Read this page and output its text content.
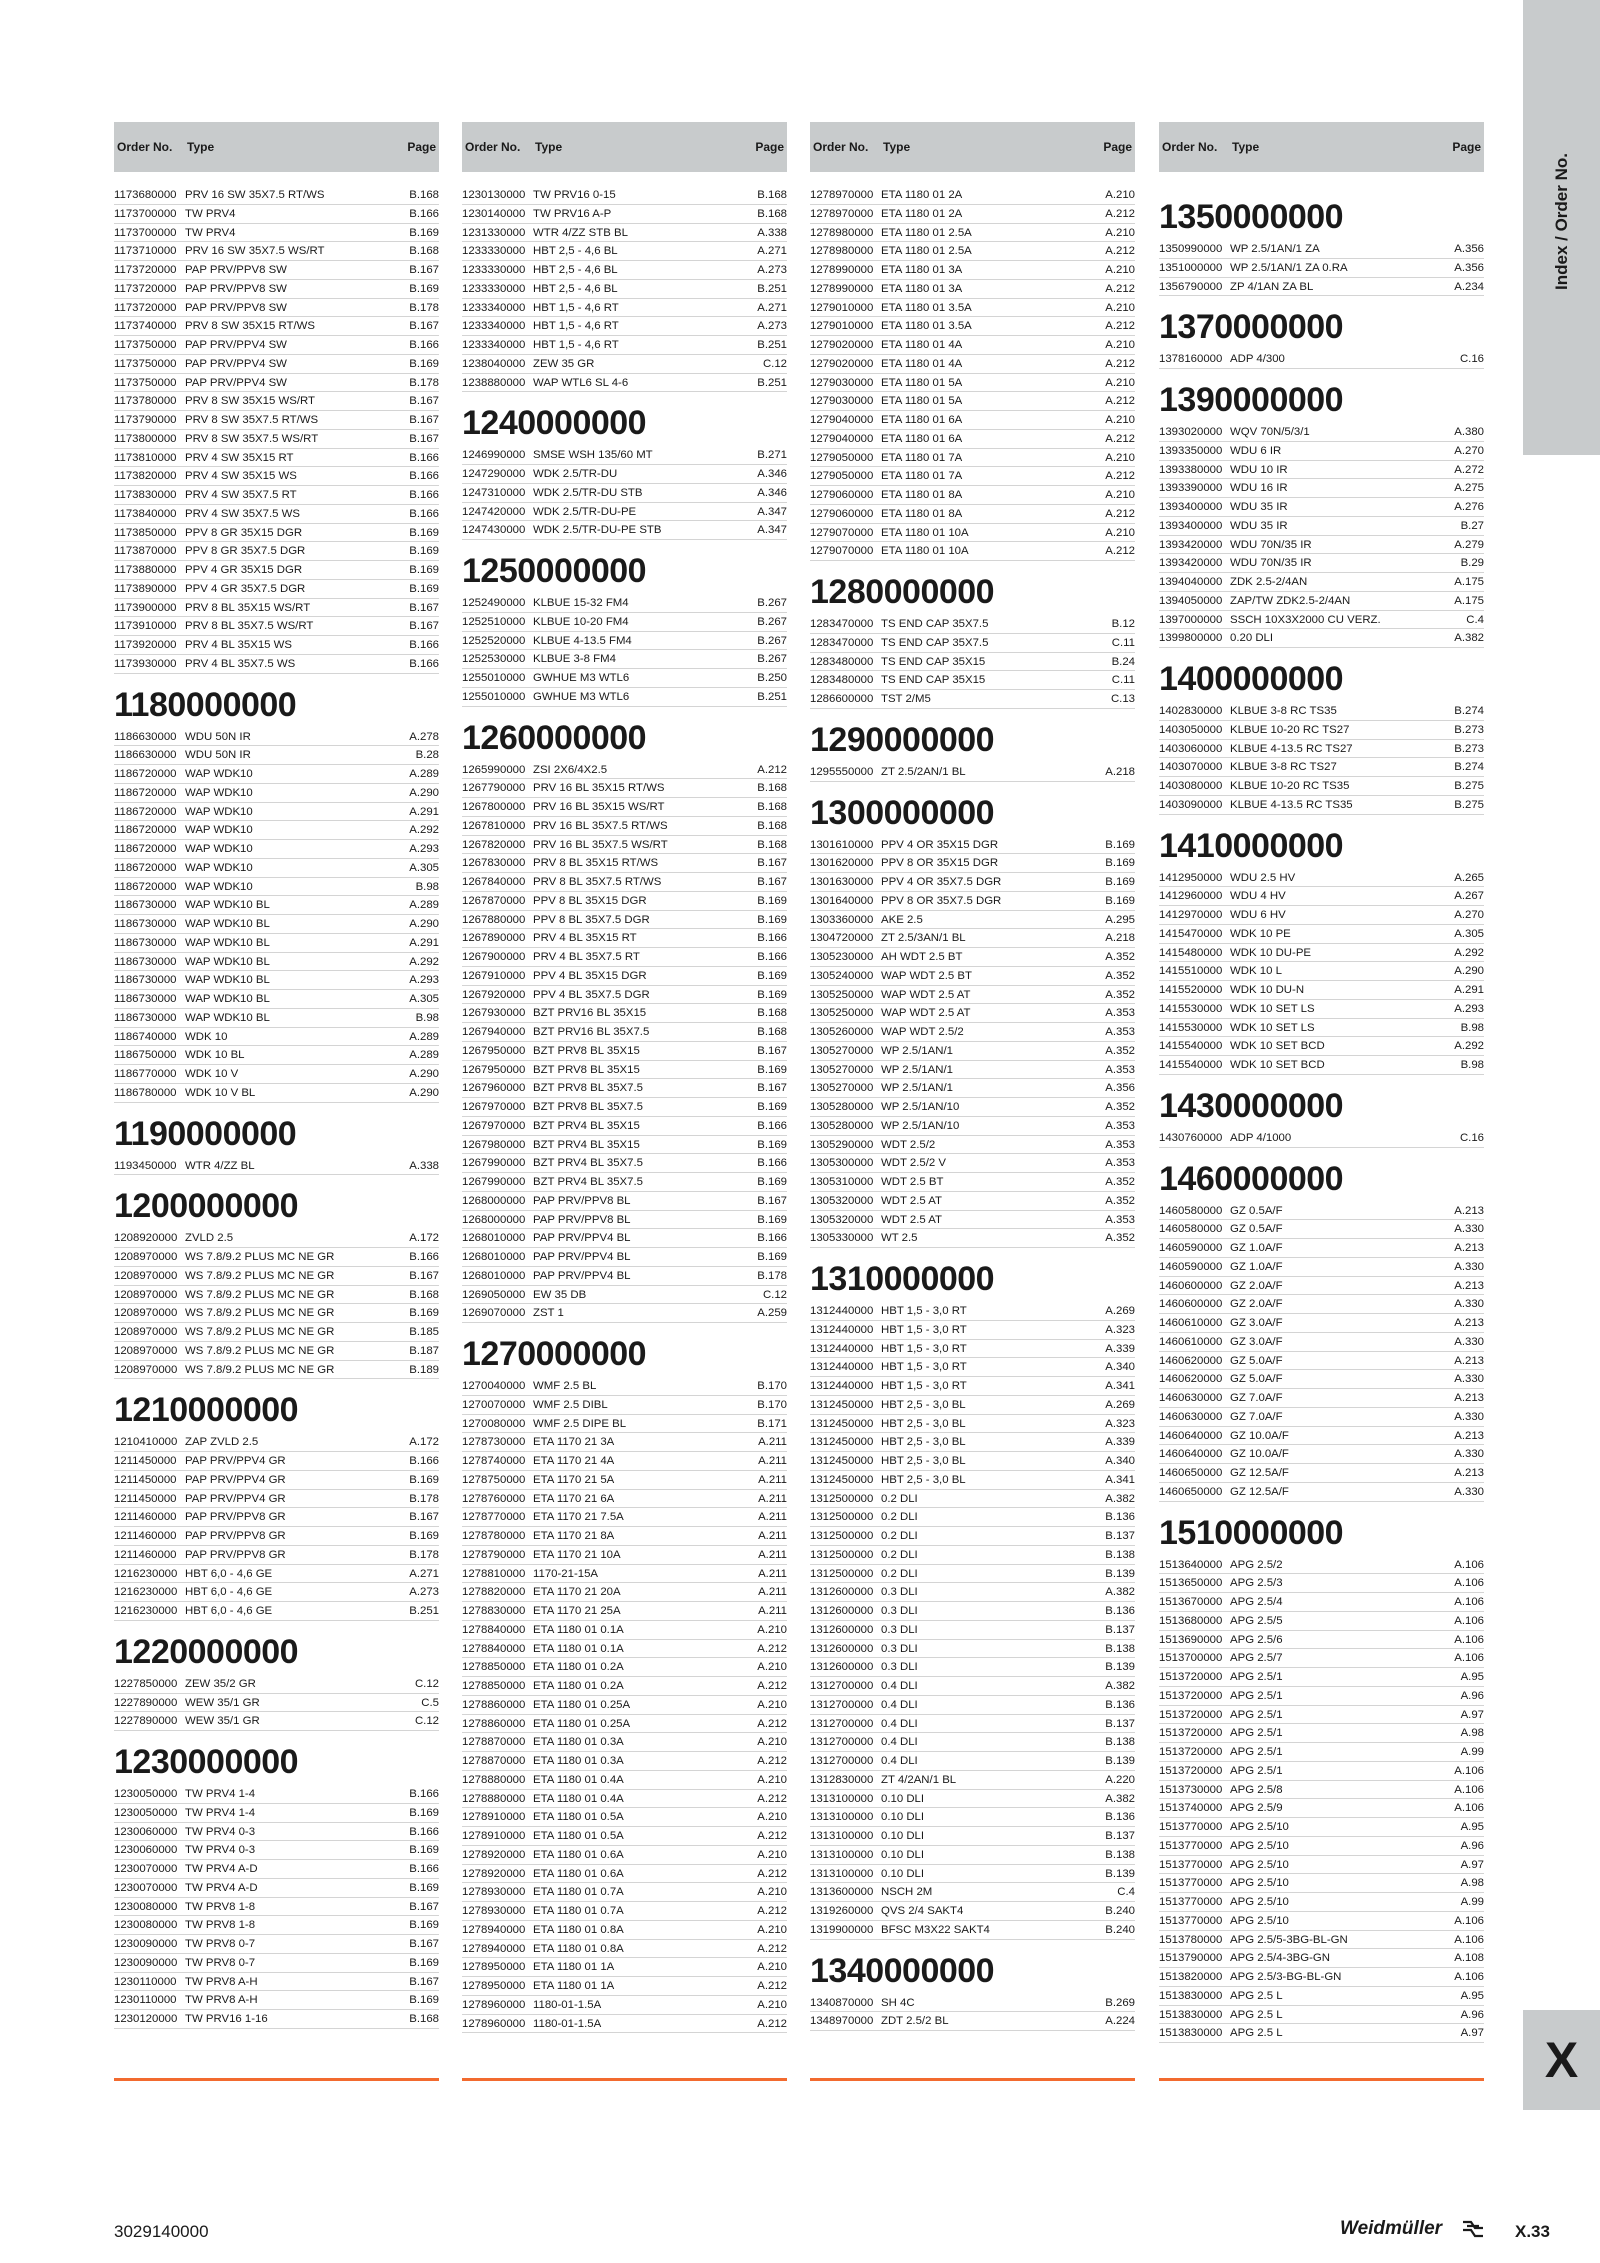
Index / Order No.
X
Order No.	Type	Page
1173680000 PRV 16 SW 35X7.5 RT/WS	B.168
1173700000 TW PRV4	B.166
1173700000 TW PRV4	B.169
1173710000 PRV 16 SW 35X7.5 WS/RT	B.168
1173720000 PAP PRV/PPV8 SW	B.167
1173720000 PAP PRV/PPV8 SW	B.169
1173720000 PAP PRV/PPV8 SW	B.178
1173740000 PRV 8 SW 35X15 RT/WS	B.167
1173750000 PAP PRV/PPV4 SW	B.166
1173750000 PAP PRV/PPV4 SW	B.169
1173750000 PAP PRV/PPV4 SW	B.178
1173780000 PRV 8 SW 35X15 WS/RT	B.167
1173790000 PRV 8 SW 35X7.5 RT/WS	B.167
1173800000 PRV 8 SW 35X7.5 WS/RT	B.167
1173810000 PRV 4 SW 35X15 RT	B.166
1173820000 PRV 4 SW 35X15 WS	B.166
1173830000 PRV 4 SW 35X7.5 RT	B.166
1173840000 PRV 4 SW 35X7.5 WS	B.166
1173850000 PPV 8 GR 35X15 DGR	B.169
1173870000 PPV 8 GR 35X7.5 DGR	B.169
1173880000 PPV 4 GR 35X15 DGR	B.169
1173890000 PPV 4 GR 35X7.5 DGR	B.169
1173900000 PRV 8 BL 35X15 WS/RT	B.167
1173910000 PRV 8 BL 35X7.5 WS/RT	B.167
1173920000 PRV 4 BL 35X15 WS	B.166
1173930000 PRV 4 BL 35X7.5 WS	B.166
1180000000
1186630000 WDU 50N IR	A.278
1186630000 WDU 50N IR	B.28
1186720000 WAP WDK10	A.289
1186720000 WAP WDK10	A.290
1186720000 WAP WDK10	A.291
1186720000 WAP WDK10	A.292
1186720000 WAP WDK10	A.293
1186720000 WAP WDK10	A.305
1186720000 WAP WDK10	B.98
1186730000 WAP WDK10 BL	A.289
1186730000 WAP WDK10 BL	A.290
1186730000 WAP WDK10 BL	A.291
1186730000 WAP WDK10 BL	A.292
1186730000 WAP WDK10 BL	A.293
1186730000 WAP WDK10 BL	A.305
1186730000 WAP WDK10 BL	B.98
1186740000 WDK 10	A.289
1186750000 WDK 10 BL	A.289
1186770000 WDK 10 V	A.290
1186780000 WDK 10 V BL	A.290
1190000000
1193450000 WTR 4/ZZ BL	A.338
1200000000
1208920000 ZVLD 2.5	A.172
1208970000 WS 7.8/9.2 PLUS MC NE GR	B.166
1208970000 WS 7.8/9.2 PLUS MC NE GR	B.167
1208970000 WS 7.8/9.2 PLUS MC NE GR	B.168
1208970000 WS 7.8/9.2 PLUS MC NE GR	B.169
1208970000 WS 7.8/9.2 PLUS MC NE GR	B.185
1208970000 WS 7.8/9.2 PLUS MC NE GR	B.187
1208970000 WS 7.8/9.2 PLUS MC NE GR	B.189
1210000000
1210410000 ZAP ZVLD 2.5	A.172
1211450000 PAP PRV/PPV4 GR	B.166
1211450000 PAP PRV/PPV4 GR	B.169
1211450000 PAP PRV/PPV4 GR	B.178
1211460000 PAP PRV/PPV8 GR	B.167
1211460000 PAP PRV/PPV8 GR	B.169
1211460000 PAP PRV/PPV8 GR	B.178
1216230000 HBT 6,0 - 4,6 GE	A.271
1216230000 HBT 6,0 - 4,6 GE	A.273
1216230000 HBT 6,0 - 4,6 GE	B.251
1220000000
1227850000 ZEW 35/2 GR	C.12
1227890000 WEW 35/1 GR	C.5
1227890000 WEW 35/1 GR	C.12
1230000000
1230050000 TW PRV4 1-4	B.166
1230050000 TW PRV4 1-4	B.169
1230060000 TW PRV4 0-3	B.166
1230060000 TW PRV4 0-3	B.169
1230070000 TW PRV4 A-D	B.166
1230070000 TW PRV4 A-D	B.169
1230080000 TW PRV8 1-8	B.167
1230080000 TW PRV8 1-8	B.169
1230090000 TW PRV8 0-7	B.167
1230090000 TW PRV8 0-7	B.169
1230110000 TW PRV8 A-H	B.167
1230110000 TW PRV8 A-H	B.169
1230120000 TW PRV16 1-16	B.168
Order No.	Type	Page
1230130000 TW PRV16 0-15	B.168
1230140000 TW PRV16 A-P	B.168
1231330000 WTR 4/ZZ STB BL	A.338
1233330000 HBT 2,5 - 4,6 BL	A.271
1233330000 HBT 2,5 - 4,6 BL	A.273
1233330000 HBT 2,5 - 4,6 BL	B.251
1233340000 HBT 1,5 - 4,6 RT	A.271
1233340000 HBT 1,5 - 4,6 RT	A.273
1233340000 HBT 1,5 - 4,6 RT	B.251
1238040000 ZEW 35 GR	C.12
1238880000 WAP WTL6 SL 4-6	B.251
1240000000
1246990000 SMSE WSH 135/60 MT	B.271
1247290000 WDK 2.5/TR-DU	A.346
1247310000 WDK 2.5/TR-DU STB	A.346
1247420000 WDK 2.5/TR-DU-PE	A.347
1247430000 WDK 2.5/TR-DU-PE STB	A.347
1250000000
1252490000 KLBUE 15-32 FM4	B.267
1252510000 KLBUE 10-20 FM4	B.267
1252520000 KLBUE 4-13.5 FM4	B.267
1252530000 KLBUE 3-8 FM4	B.267
1255010000 GWHUE M3 WTL6	B.250
1255010000 GWHUE M3 WTL6	B.251
1260000000
1265990000 ZSI 2X6/4X2.5	A.212
1267790000 PRV 16 BL 35X15 RT/WS	B.168
1267800000 PRV 16 BL 35X15 WS/RT	B.168
1267810000 PRV 16 BL 35X7.5 RT/WS	B.168
1267820000 PRV 16 BL 35X7.5 WS/RT	B.168
1267830000 PRV 8 BL 35X15 RT/WS	B.167
1267840000 PRV 8 BL 35X7.5 RT/WS	B.167
1267870000 PPV 8 BL 35X15 DGR	B.169
1267880000 PPV 8 BL 35X7.5 DGR	B.169
1267890000 PRV 4 BL 35X15 RT	B.166
1267900000 PRV 4 BL 35X7.5 RT	B.166
1267910000 PPV 4 BL 35X15 DGR	B.169
1267920000 PPV 4 BL 35X7.5 DGR	B.169
1267930000 BZT PRV16 BL 35X15	B.168
1267940000 BZT PRV16 BL 35X7.5	B.168
1267950000 BZT PRV8 BL 35X15	B.167
1267950000 BZT PRV8 BL 35X15	B.169
1267960000 BZT PRV8 BL 35X7.5	B.167
1267970000 BZT PRV8 BL 35X7.5	B.169
1267970000 BZT PRV4 BL 35X15	B.166
1267980000 BZT PRV4 BL 35X15	B.169
1267990000 BZT PRV4 BL 35X7.5	B.166
1267990000 BZT PRV4 BL 35X7.5	B.169
1268000000 PAP PRV/PPV8 BL	B.167
1268000000 PAP PRV/PPV8 BL	B.169
1268010000 PAP PRV/PPV4 BL	B.166
1268010000 PAP PRV/PPV4 BL	B.169
1268010000 PAP PRV/PPV4 BL	B.178
1269050000 EW 35 DB	C.12
1269070000 ZST 1	A.259
1270000000
1270040000 WMF 2.5 BL	B.170
1270070000 WMF 2.5 DIBL	B.170
1270080000 WMF 2.5 DIPE BL	B.171
1278730000 ETA 1170 21 3A	A.211
1278740000 ETA 1170 21 4A	A.211
1278750000 ETA 1170 21 5A	A.211
1278760000 ETA 1170 21 6A	A.211
1278770000 ETA 1170 21 7.5A	A.211
1278780000 ETA 1170 21 8A	A.211
1278790000 ETA 1170 21 10A	A.211
1278810000 1170-21-15A	A.211
1278820000 ETA 1170 21 20A	A.211
1278830000 ETA 1170 21 25A	A.211
1278840000 ETA 1180 01 0.1A	A.210
1278840000 ETA 1180 01 0.1A	A.212
1278850000 ETA 1180 01 0.2A	A.210
1278850000 ETA 1180 01 0.2A	A.212
1278860000 ETA 1180 01 0.25A	A.210
1278860000 ETA 1180 01 0.25A	A.212
1278870000 ETA 1180 01 0.3A	A.210
1278870000 ETA 1180 01 0.3A	A.212
1278880000 ETA 1180 01 0.4A	A.210
1278880000 ETA 1180 01 0.4A	A.212
1278910000 ETA 1180 01 0.5A	A.210
1278910000 ETA 1180 01 0.5A	A.212
1278920000 ETA 1180 01 0.6A	A.210
1278920000 ETA 1180 01 0.6A	A.212
1278930000 ETA 1180 01 0.7A	A.210
1278930000 ETA 1180 01 0.7A	A.212
1278940000 ETA 1180 01 0.8A	A.210
1278940000 ETA 1180 01 0.8A	A.212
1278950000 ETA 1180 01 1A	A.210
1278950000 ETA 1180 01 1A	A.212
1278960000 1180-01-1.5A	A.210
1278960000 1180-01-1.5A	A.212
Order No.	Type	Page
1278970000 ETA 1180 01 2A	A.210
1278970000 ETA 1180 01 2A	A.212
1278980000 ETA 1180 01 2.5A	A.210
1278980000 ETA 1180 01 2.5A	A.212
1278990000 ETA 1180 01 3A	A.210
1278990000 ETA 1180 01 3A	A.212
1279010000 ETA 1180 01 3.5A	A.210
1279010000 ETA 1180 01 3.5A	A.212
1279020000 ETA 1180 01 4A	A.210
1279020000 ETA 1180 01 4A	A.212
1279030000 ETA 1180 01 5A	A.210
1279030000 ETA 1180 01 5A	A.212
1279040000 ETA 1180 01 6A	A.210
1279040000 ETA 1180 01 6A	A.212
1279050000 ETA 1180 01 7A	A.210
1279050000 ETA 1180 01 7A	A.212
1279060000 ETA 1180 01 8A	A.210
1279060000 ETA 1180 01 8A	A.212
1279070000 ETA 1180 01 10A	A.210
1279070000 ETA 1180 01 10A	A.212
1280000000
1283470000 TS END CAP 35X7.5	B.12
1283470000 TS END CAP 35X7.5	C.11
1283480000 TS END CAP 35X15	B.24
1283480000 TS END CAP 35X15	C.11
1286600000 TST 2/M5	C.13
1290000000
1295550000 ZT 2.5/2AN/1 BL	A.218
1300000000
1301610000 PPV 4 OR 35X15 DGR	B.169
1301620000 PPV 8 OR 35X15 DGR	B.169
1301630000 PPV 4 OR 35X7.5 DGR	B.169
1301640000 PPV 8 OR 35X7.5 DGR	B.169
1303360000 AKE 2.5	A.295
1304720000 ZT 2.5/3AN/1 BL	A.218
1305230000 AH WDT 2.5 BT	A.352
1305240000 WAP WDT 2.5 BT	A.352
1305250000 WAP WDT 2.5 AT	A.352
1305250000 WAP WDT 2.5 AT	A.353
1305260000 WAP WDT 2.5/2	A.353
1305270000 WP 2.5/1AN/1	A.352
1305270000 WP 2.5/1AN/1	A.353
1305270000 WP 2.5/1AN/1	A.356
1305280000 WP 2.5/1AN/10	A.352
1305280000 WP 2.5/1AN/10	A.353
1305290000 WDT 2.5/2	A.353
1305300000 WDT 2.5/2 V	A.353
1305310000 WDT 2.5 BT	A.352
1305320000 WDT 2.5 AT	A.352
1305320000 WDT 2.5 AT	A.353
1305330000 WT 2.5	A.352
1310000000
1312440000 HBT 1,5 - 3,0 RT	A.269
1312440000 HBT 1,5 - 3,0 RT	A.323
1312440000 HBT 1,5 - 3,0 RT	A.339
1312440000 HBT 1,5 - 3,0 RT	A.340
1312440000 HBT 1,5 - 3,0 RT	A.341
1312450000 HBT 2,5 - 3,0 BL	A.269
1312450000 HBT 2,5 - 3,0 BL	A.323
1312450000 HBT 2,5 - 3,0 BL	A.339
1312450000 HBT 2,5 - 3,0 BL	A.340
1312450000 HBT 2,5 - 3,0 BL	A.341
1312500000 0.2 DLI	A.382
1312500000 0.2 DLI	B.136
1312500000 0.2 DLI	B.137
1312500000 0.2 DLI	B.138
1312500000 0.2 DLI	B.139
1312600000 0.3 DLI	A.382
1312600000 0.3 DLI	B.136
1312600000 0.3 DLI	B.137
1312600000 0.3 DLI	B.138
1312600000 0.3 DLI	B.139
1312700000 0.4 DLI	A.382
1312700000 0.4 DLI	B.136
1312700000 0.4 DLI	B.137
1312700000 0.4 DLI	B.138
1312700000 0.4 DLI	B.139
1312830000 ZT 4/2AN/1 BL	A.220
1313100000 0.10 DLI	A.382
1313100000 0.10 DLI	B.136
1313100000 0.10 DLI	B.137
1313100000 0.10 DLI	B.138
1313100000 0.10 DLI	B.139
1313600000 NSCH 2M	C.4
1319260000 QVS 2/4 SAKT4	B.240
1319900000 BFSC M3X22 SAKT4	B.240
1340000000
1340870000 SH 4C	B.269
1348970000 ZDT 2.5/2 BL	A.224
Order No.	Type	Page
1350000000
1350990000 WP 2.5/1AN/1 ZA	A.356
1351000000 WP 2.5/1AN/1 ZA 0.RA	A.356
1356790000 ZP 4/1AN ZA BL	A.234
1370000000
1378160000 ADP 4/300	C.16
1390000000
1393020000 WQV 70N/5/3/1	A.380
1393350000 WDU 6 IR	A.270
1393380000 WDU 10 IR	A.272
1393390000 WDU 16 IR	A.275
1393400000 WDU 35 IR	A.276
1393400000 WDU 35 IR	B.27
1393420000 WDU 70N/35 IR	A.279
1393420000 WDU 70N/35 IR	B.29
1394040000 ZDK 2.5-2/4AN	A.175
1394050000 ZAP/TW ZDK2.5-2/4AN	A.175
1397000000 SSCH 10X3X2000 CU VERZ.	C.4
1399800000 0.20 DLI	A.382
1400000000
1402830000 KLBUE 3-8 RC TS35	B.274
1403050000 KLBUE 10-20 RC TS27	B.273
1403060000 KLBUE 4-13.5 RC TS27	B.273
1403070000 KLBUE 3-8 RC TS27	B.274
1403080000 KLBUE 10-20 RC TS35	B.275
1403090000 KLBUE 4-13.5 RC TS35	B.275
1410000000
1412950000 WDU 2.5 HV	A.265
1412960000 WDU 4 HV	A.267
1412970000 WDU 6 HV	A.270
1415470000 WDK 10 PE	A.305
1415480000 WDK 10 DU-PE	A.292
1415510000 WDK 10 L	A.290
1415520000 WDK 10 DU-N	A.291
1415530000 WDK 10 SET LS	A.293
1415530000 WDK 10 SET LS	B.98
1415540000 WDK 10 SET BCD	A.292
1415540000 WDK 10 SET BCD	B.98
1430000000
1430760000 ADP 4/1000	C.16
1460000000
1460580000 GZ 0.5A/F	A.213
1460580000 GZ 0.5A/F	A.330
1460590000 GZ 1.0A/F	A.213
1460590000 GZ 1.0A/F	A.330
1460600000 GZ 2.0A/F	A.213
1460600000 GZ 2.0A/F	A.330
1460610000 GZ 3.0A/F	A.213
1460610000 GZ 3.0A/F	A.330
1460620000 GZ 5.0A/F	A.213
1460620000 GZ 5.0A/F	A.330
1460630000 GZ 7.0A/F	A.213
1460630000 GZ 7.0A/F	A.330
1460640000 GZ 10.0A/F	A.213
1460640000 GZ 10.0A/F	A.330
1460650000 GZ 12.5A/F	A.213
1460650000 GZ 12.5A/F	A.330
1510000000
1513640000 APG 2.5/2	A.106
1513650000 APG 2.5/3	A.106
1513670000 APG 2.5/4	A.106
1513680000 APG 2.5/5	A.106
1513690000 APG 2.5/6	A.106
1513700000 APG 2.5/7	A.106
1513720000 APG 2.5/1	A.95
1513720000 APG 2.5/1	A.96
1513720000 APG 2.5/1	A.97
1513720000 APG 2.5/1	A.98
1513720000 APG 2.5/1	A.99
1513720000 APG 2.5/1	A.106
1513730000 APG 2.5/8	A.106
1513740000 APG 2.5/9	A.106
1513770000 APG 2.5/10	A.95
1513770000 APG 2.5/10	A.96
1513770000 APG 2.5/10	A.97
1513770000 APG 2.5/10	A.98
1513770000 APG 2.5/10	A.99
1513770000 APG 2.5/10	A.106
1513780000 APG 2.5/5-3BG-BL-GN	A.106
1513790000 APG 2.5/4-3BG-GN	A.108
1513820000 APG 2.5/3-BG-BL-GN	A.106
1513830000 APG 2.5 L	A.95
1513830000 APG 2.5 L	A.96
1513830000 APG 2.5 L	A.97
3029140000	Weidmüller	X.33
